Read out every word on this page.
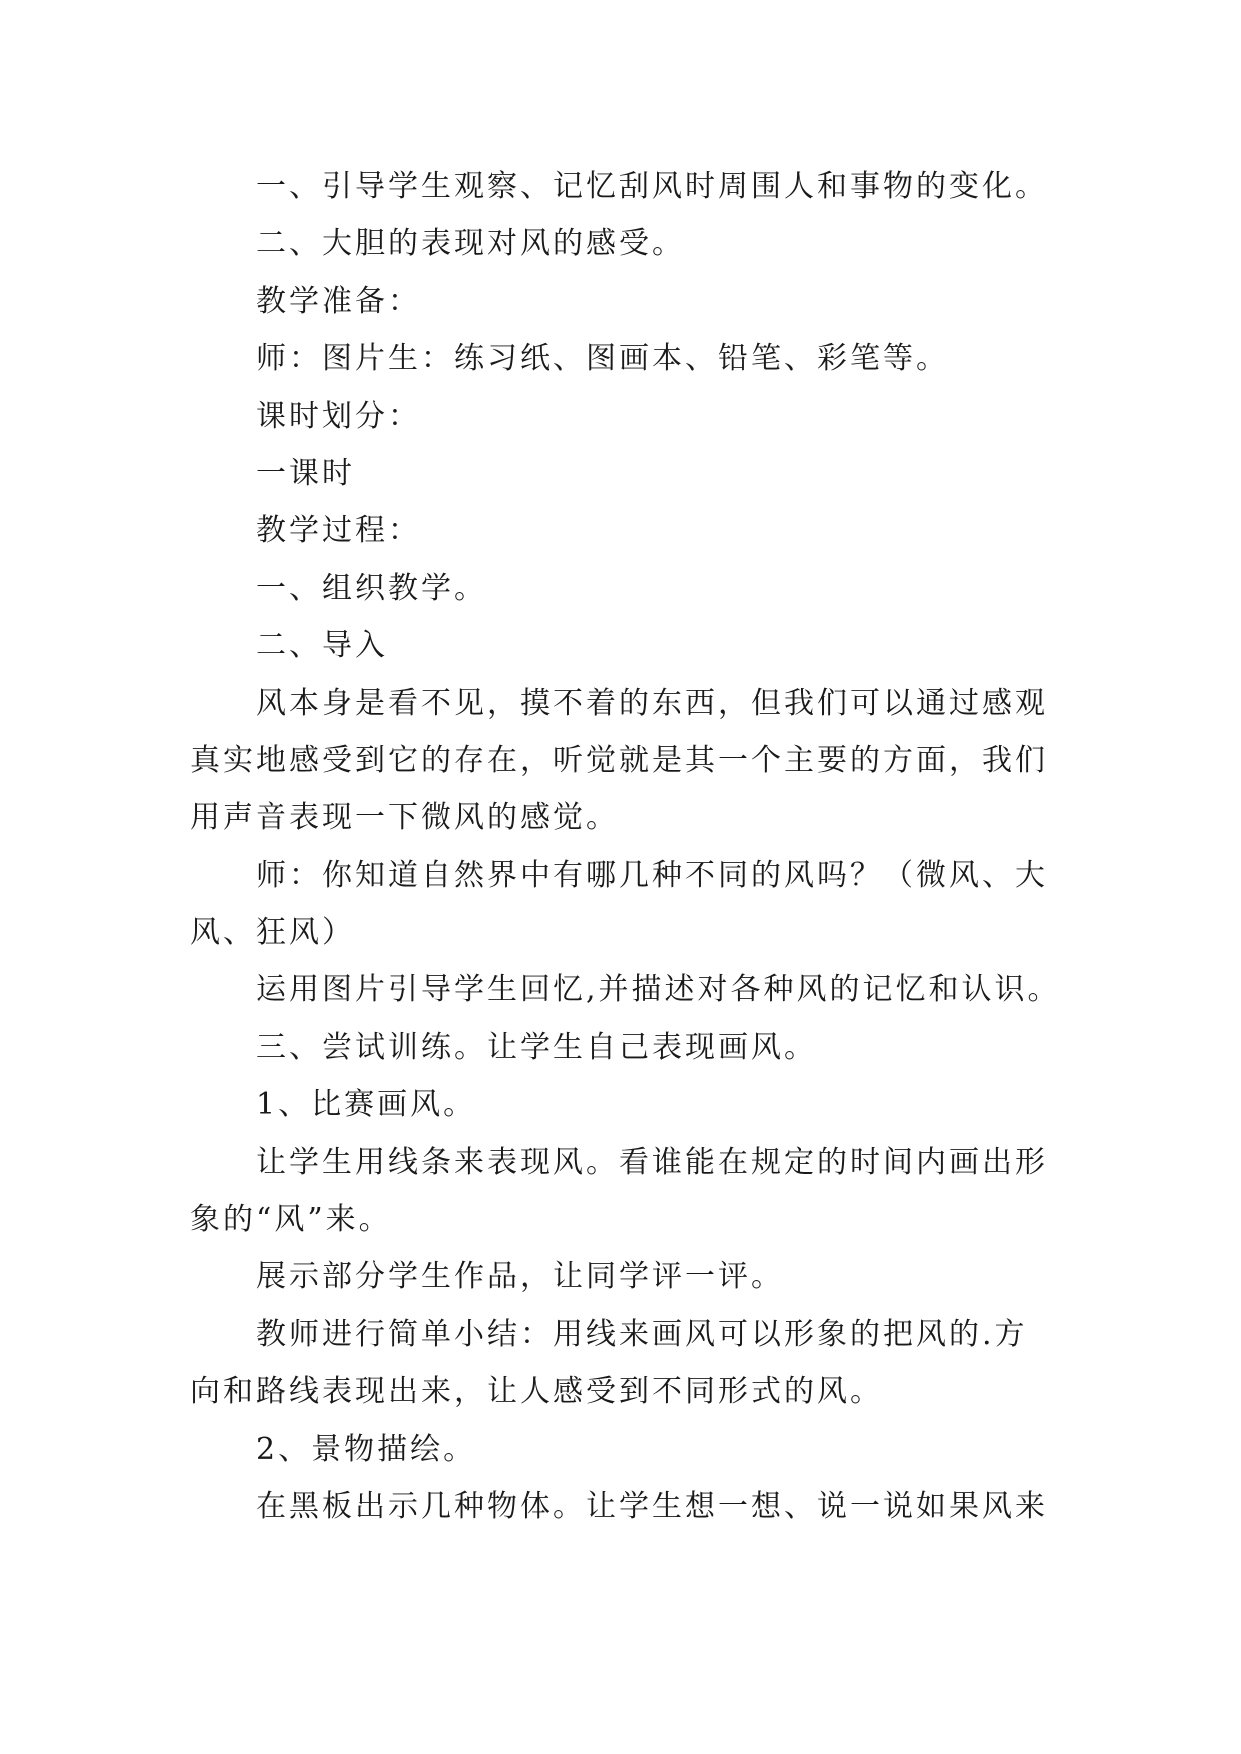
一、引导学生观察、记忆刮风时周围人和事物的变化。

二、大胆的表现对风的感受。

教学准备：

师：图片生：练习纸、图画本、铅笔、彩笔等。

课时划分：

一课时

教学过程：

一、组织教学。

二、导入

风本身是看不见，摸不着的东西，但我们可以通过感观

真实地感受到它的存在，听觉就是其一个主要的方面，我们

用声音表现一下微风的感觉。

师：你知道自然界中有哪几种不同的风吗？（微风、大

风、狂风）

运用图片引导学生回忆,并描述对各种风的记忆和认识。

三、尝试训练。让学生自己表现画风。

1、比赛画风。

让学生用线条来表现风。看谁能在规定的时间内画出形

象的“风”来。

展示部分学生作品，让同学评一评。

教师进行简单小结：用线来画风可以形象的把风的.方

向和路线表现出来，让人感受到不同形式的风。

2、景物描绘。

在黑板出示几种物体。让学生想一想、说一说如果风来
